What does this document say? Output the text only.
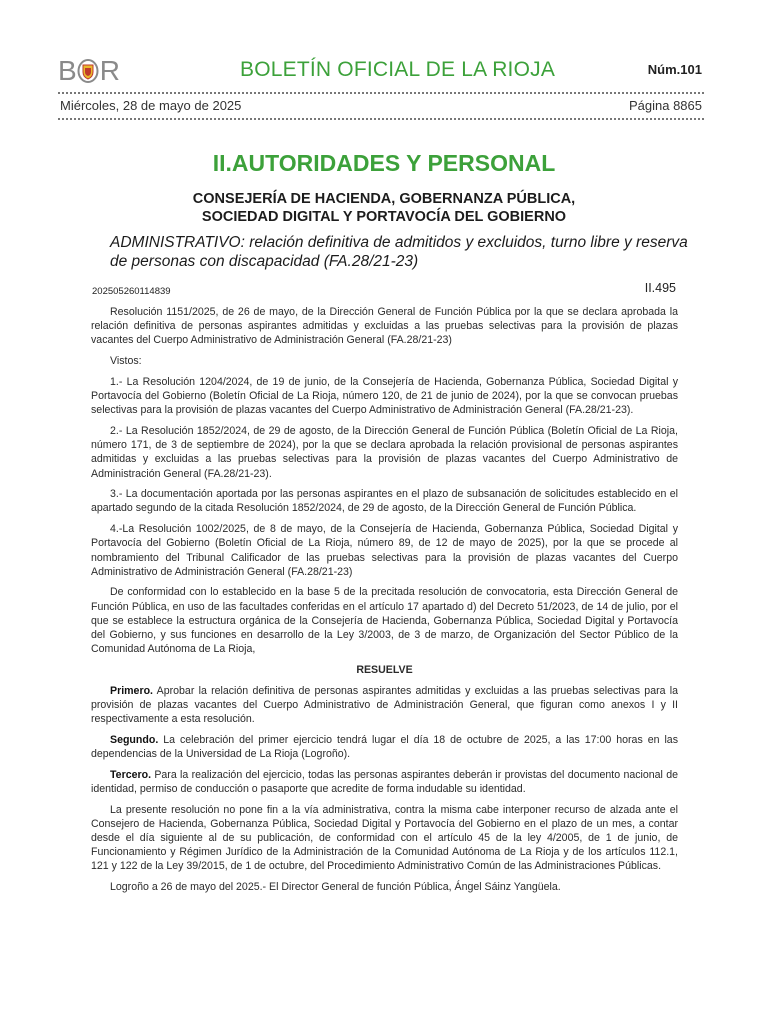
B R	BOLETÍN OFICIAL DE LA RIOJA	Núm.101
Miércoles, 28 de mayo de 2025	Página 8865
II.AUTORIDADES Y PERSONAL
CONSEJERÍA DE HACIENDA, GOBERNANZA PÚBLICA,
SOCIEDAD DIGITAL Y PORTAVOCÍA DEL GOBIERNO
ADMINISTRATIVO: relación definitiva de admitidos y excluidos, turno libre y reserva
de personas con discapacidad (FA.28/21-23)
202505260114839	II.495

Resolución 1151/2025, de 26 de mayo, de la Dirección General de Función Pública por la que se declara aprobada la relación definitiva de personas aspirantes admitidas y excluidas a las pruebas selectivas para la provisión de plazas vacantes del Cuerpo Administrativo de Administración General (FA.28/21-23)

Vistos:

1.- La Resolución 1204/2024, de 19 de junio, de la Consejería de Hacienda, Gobernanza Pública, Sociedad Digital y Portavocía del Gobierno (Boletín Oficial de La Rioja, número 120, de 21 de junio de 2024), por la que se convocan pruebas selectivas para la provisión de plazas vacantes del Cuerpo Administrativo de Administración General (FA.28/21-23).

2.- La Resolución 1852/2024, de 29 de agosto, de la Dirección General de Función Pública (Boletín Oficial de La Rioja, número 171, de 3 de septiembre de 2024), por la que se declara aprobada la relación provisional de personas aspirantes admitidas y excluidas a las pruebas selectivas para la provisión de plazas vacantes del Cuerpo Administrativo de Administración General (FA.28/21-23).

3.- La documentación aportada por las personas aspirantes en el plazo de subsanación de solicitudes establecido en el apartado segundo de la citada Resolución 1852/2024, de 29 de agosto, de la Dirección General de Función Pública.

4.-La Resolución 1002/2025, de 8 de mayo, de la Consejería de Hacienda, Gobernanza Pública, Sociedad Digital y Portavocía del Gobierno (Boletín Oficial de La Rioja, número 89, de 12 de mayo de 2025), por la que se procede al nombramiento del Tribunal Calificador de las pruebas selectivas para la provisión de plazas vacantes del Cuerpo Administrativo de Administración General (FA.28/21-23)

De conformidad con lo establecido en la base 5 de la precitada resolución de convocatoria, esta Dirección General de Función Pública, en uso de las facultades conferidas en el artículo 17 apartado d) del Decreto 51/2023, de 14 de julio, por el que se establece la estructura orgánica de la Consejería de Hacienda, Gobernanza Pública, Sociedad Digital y Portavocía del Gobierno, y sus funciones en desarrollo de la Ley 3/2003, de 3 de marzo, de Organización del Sector Público de la Comunidad Autónoma de La Rioja,

RESUELVE

Primero. Aprobar la relación definitiva de personas aspirantes admitidas y excluidas a las pruebas selectivas para la provisión de plazas vacantes del Cuerpo Administrativo de Administración General, que figuran como anexos I y II respectivamente a esta resolución.

Segundo. La celebración del primer ejercicio tendrá lugar el día 18 de octubre de 2025, a las 17:00 horas en las dependencias de la Universidad de La Rioja (Logroño).

Tercero. Para la realización del ejercicio, todas las personas aspirantes deberán ir provistas del documento nacional de identidad, permiso de conducción o pasaporte que acredite de forma indudable su identidad.

La presente resolución no pone fin a la vía administrativa, contra la misma cabe interponer recurso de alzada ante el Consejero de Hacienda, Gobernanza Pública, Sociedad Digital y Portavocía del Gobierno en el plazo de un mes, a contar desde el día siguiente al de su publicación, de conformidad con el artículo 45 de la ley 4/2005, de 1 de junio, de Funcionamiento y Régimen Jurídico de la Administración de la Comunidad Autónoma de La Rioja y de los artículos 112.1, 121 y 122 de la Ley 39/2015, de 1 de octubre, del Procedimiento Administrativo Común de las Administraciones Públicas.

Logroño a 26 de mayo del 2025.- El Director General de función Pública, Ángel Sáinz Yangüela.
